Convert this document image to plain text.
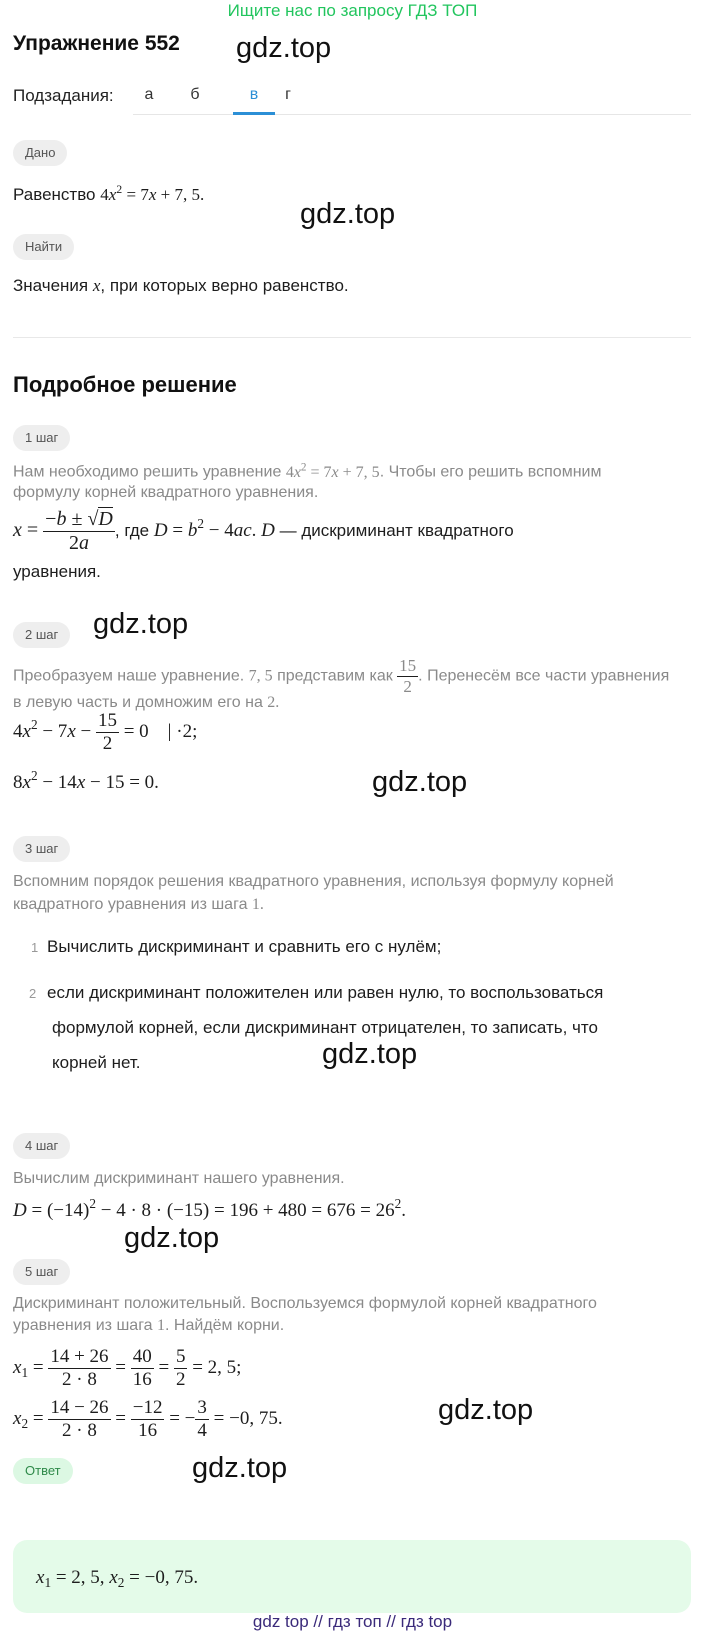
Ищите нас по запросу ГДЗ ТОП
Упражнение 552 gdz.top
Подзадания:	а	б	в	г
Дано
Равенство $4x^2 = 7x + 7$, 5.
gdz.top
Найти
Значения x, при которых верно равенство.
Подробное решение
1 шаг
Нам необходимо решить уравнение $4x^2 = 7x + 7$, 5. Чтобы его решить вспомним
формулу корней квадратного уравнения.
$x = \frac{-b \pm √D}{2a}$ , где $D = b^2 - 4ac$. D — дискриминант квадратного
уравнения.
2 шаг	gdz.top
Преобразуем наше уравнение. 7, 5 представим как $\frac{15}{2}$ . Перенесём все части уравнения
в левую часть и домножим его на 2.
$4x^2 - 7x - \frac{15}{2} = 0$    | ·2;
$8x^2 - 14x - 15 = 0$.	gdz.top
3 шаг
Вспомним порядок решения квадратного уравнения, используя формулу корней
квадратного уравнения из шага 1.
1 Вычислить дискриминант и сравнить его с нулём;
2 если дискриминант положителен или равен нулю, то воспользоваться
формулой корней, если дискриминант отрицателен, то записать, что
корней нет.	gdz.top
4 шаг
Вычислим дискриминант нашего уравнения.
$D = (-14)^2 - 4 \cdot 8 \cdot (-15) = 196 + 480 = 676 = 26^2$.
gdz.top
5 шаг
Дискриминант положительный. Воспользуемся формулой корней квадратного
уравнения из шага 1. Найдём корни.
$x_1 = \frac{14 + 26}{2 \cdot 8} = \frac{40}{16} = \frac{5}{2} = 2$, 5;
$x_2 = \frac{14 - 26}{2 \cdot 8} = \frac{-12}{16}$ = − $\frac{3}{4} = -0$, 75.	gdz.top
Ответ	gdz.top
$x_1 = 2$, 5, $x_2 = -0$, 75.
gdz top // гдз топ // гдз top
